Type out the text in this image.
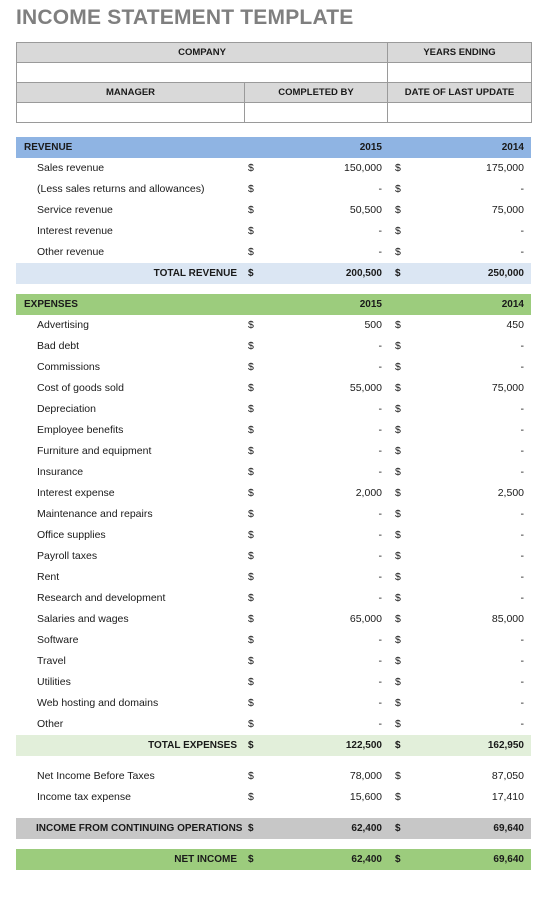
INCOME STATEMENT TEMPLATE
COMPANY		YEARS ENDING

MANAGER	COMPLETED BY	DATE OF LAST UPDATE

REVENUE	2015	2014
Sales revenue	$	150,000 $	175,000
(Less sales returns and allowances)	$	- $	-
Service revenue	$	50,500 $	75,000
Interest revenue	$	- $	-
Other revenue	$	- $	-
TOTAL REVENUE $	200,500 $	250,000
EXPENSES	2015	2014
Advertising	$	500 $	450
Bad debt	$	- $	-
Commissions	$	- $	-
Cost of goods sold	$	55,000 $	75,000
Depreciation	$	- $	-
Employee benefits	$	- $	-
Furniture and equipment	$	- $	-
Insurance	$	- $	-
Interest expense	$	2,000 $	2,500
Maintenance and repairs	$	- $	-
Office supplies	$	- $	-
Payroll taxes	$	- $	-
Rent	$	- $	-
Research and development	$	- $	-
Salaries and wages	$	65,000 $	85,000
Software	$	- $	-
Travel	$	- $	-
Utilities	$	- $	-
Web hosting and domains	$	- $	-
Other	$	- $	-
TOTAL EXPENSES $	122,500 $	162,950
Net Income Before Taxes	$	78,000 $	87,050
Income tax expense	$	15,600 $	17,410
INCOME FROM CONTINUING OPERATIONS $	62,400 $	69,640
NET INCOME $	62,400 $	69,640
